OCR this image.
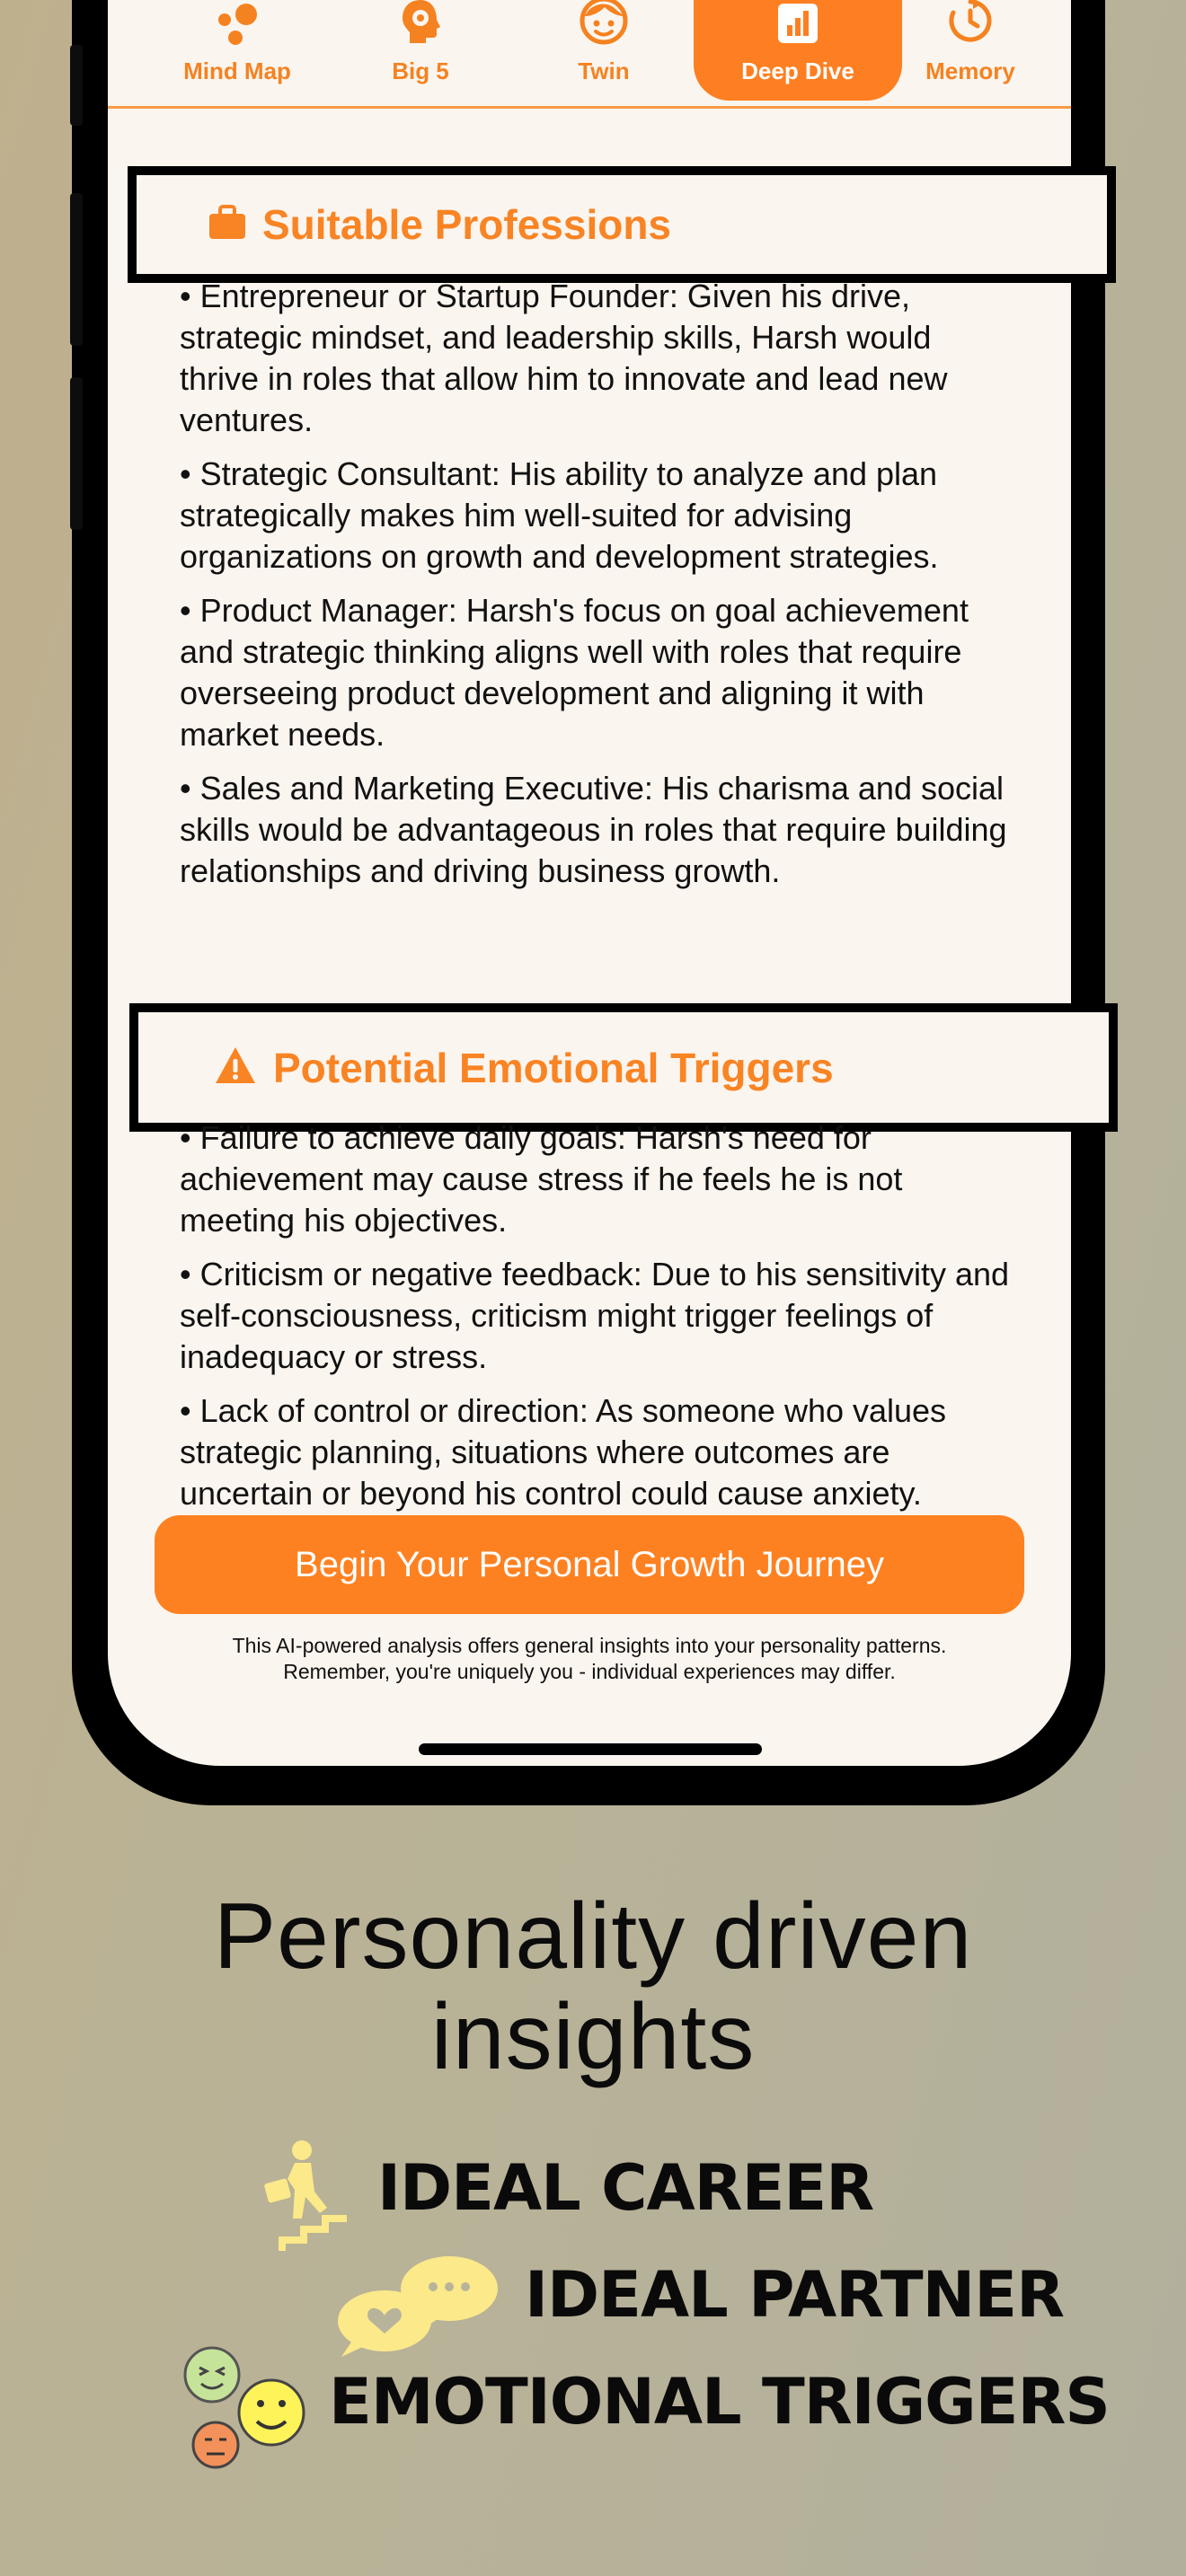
Mind Map	Big 5	Twin	Deep Dive	Memory
Suitable Professions

• Entrepreneur or Startup Founder: Given his drive, strategic mindset, and leadership skills, Harsh would thrive in roles that allow him to innovate and lead new ventures.

• Strategic Consultant: His ability to analyze and plan strategically makes him well-suited for advising organizations on growth and development strategies.

• Product Manager: Harsh's focus on goal achievement and strategic thinking aligns well with roles that require overseeing product development and aligning it with market needs.

• Sales and Marketing Executive: His charisma and social skills would be advantageous in roles that require building relationships and driving business growth.

Potential Emotional Triggers

• Failure to achieve daily goals: Harsh's need for achievement may cause stress if he feels he is not meeting his objectives.

• Criticism or negative feedback: Due to his sensitivity and self-consciousness, criticism might trigger feelings of inadequacy or stress.

• Lack of control or direction: As someone who values strategic planning, situations where outcomes are uncertain or beyond his control could cause anxiety.

Begin Your Personal Growth Journey
This AI-powered analysis offers general insights into your personality patterns.
Remember, you're uniquely you - individual experiences may differ.
Personality driven
insights
IDEAL CAREER
IDEAL PARTNER
EMOTIONAL TRIGGERS
